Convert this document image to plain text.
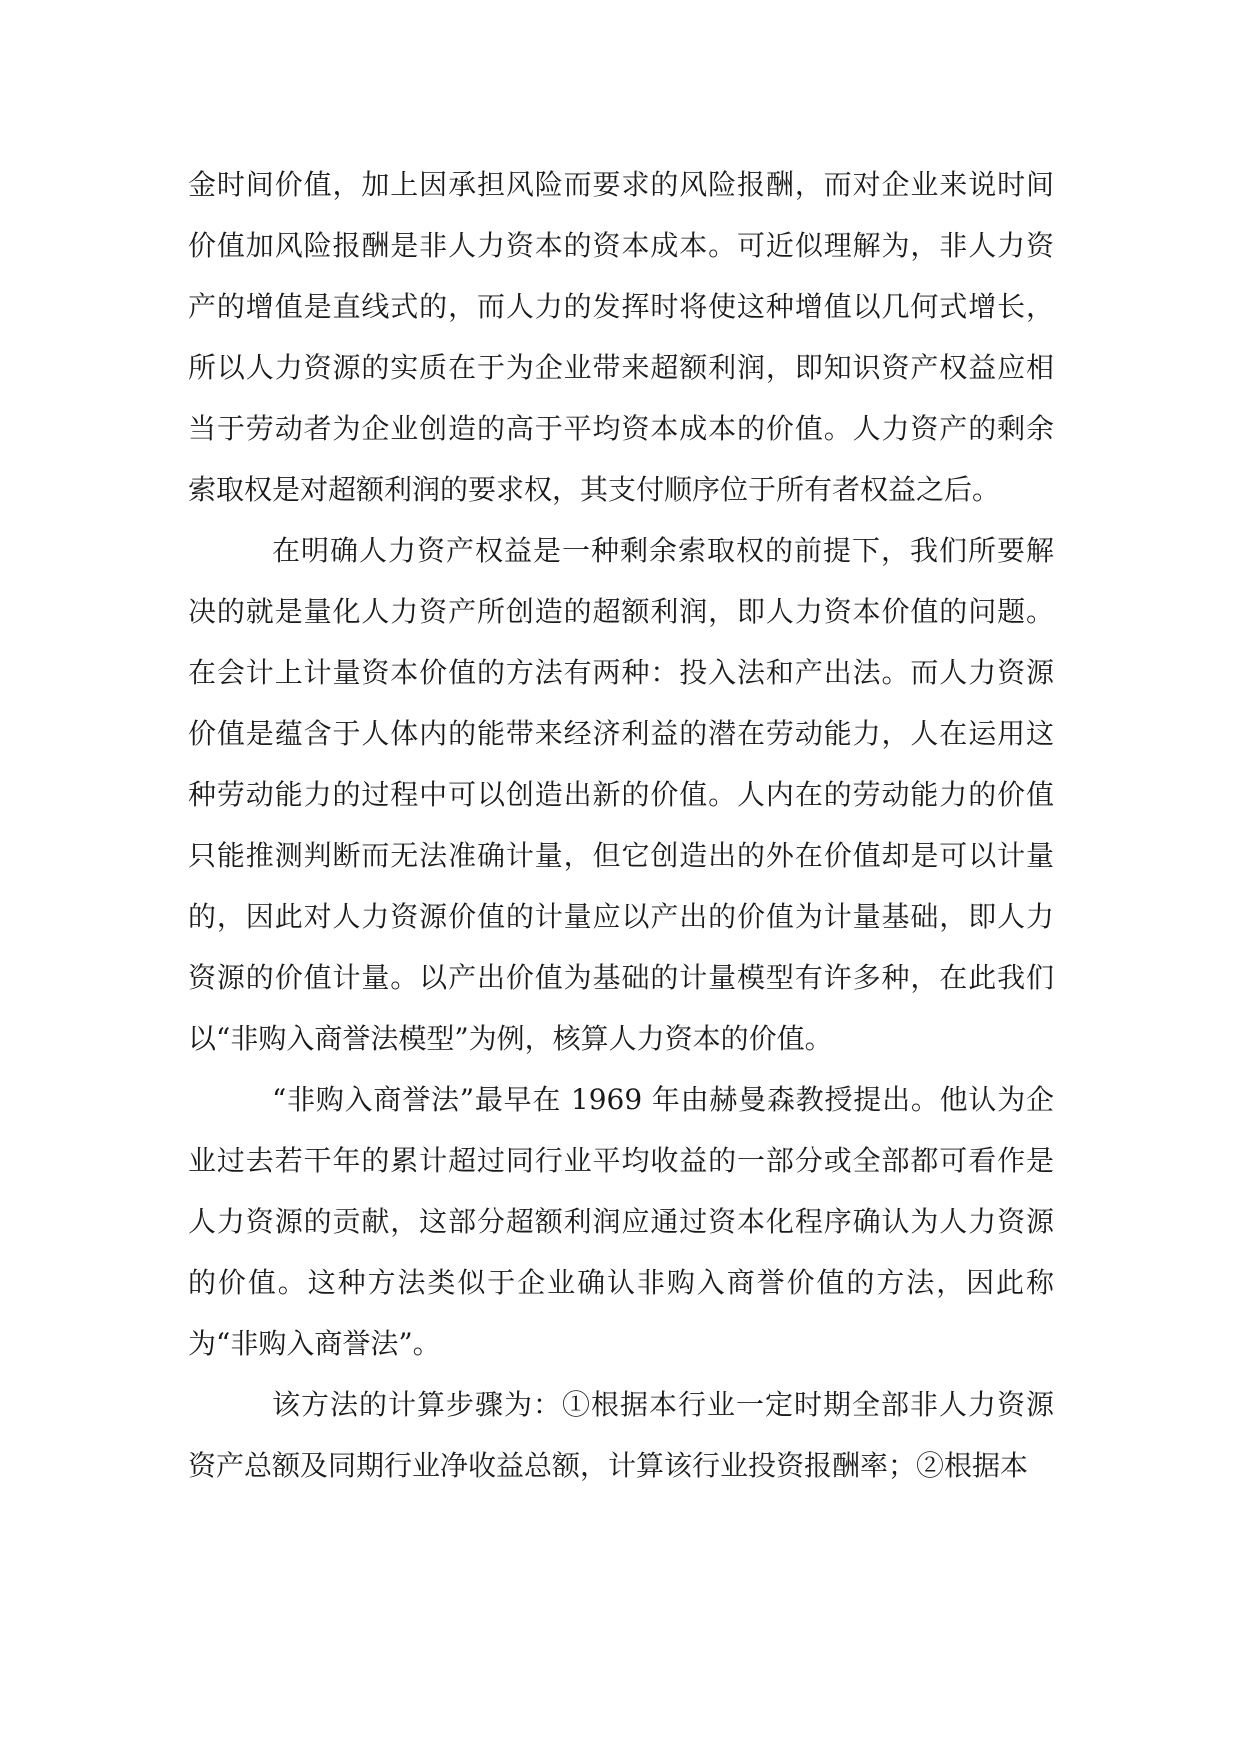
金时间价值，加上因承担风险而要求的风险报酬，而对企业来说时间价值加风险报酬是非人力资本的资本成本。可近似理解为，非人力资产的增值是直线式的，而人力的发挥时将使这种增值以几何式增长，所以人力资源的实质在于为企业带来超额利润，即知识资产权益应相当于劳动者为企业创造的高于平均资本成本的价值。人力资产的剩余索取权是对超额利润的要求权，其支付顺序位于所有者权益之后。

在明确人力资产权益是一种剩余索取权的前提下，我们所要解决的就是量化人力资产所创造的超额利润，即人力资本价值的问题。在会计上计量资本价值的方法有两种：投入法和产出法。而人力资源价值是蕴含于人体内的能带来经济利益的潜在劳动能力，人在运用这种劳动能力的过程中可以创造出新的价值。人内在的劳动能力的价值只能推测判断而无法准确计量，但它创造出的外在价值却是可以计量的，因此对人力资源价值的计量应以产出的价值为计量基础，即人力资源的价值计量。以产出价值为基础的计量模型有许多种，在此我们以“非购入商誉法模型”为例，核算人力资本的价值。

“非购入商誉法”最早在 1969 年由赫曼森教授提出。他认为企业过去若干年的累计超过同行业平均收益的一部分或全部都可看作是人力资源的贡献，这部分超额利润应通过资本化程序确认为人力资源的价值。这种方法类似于企业确认非购入商誉价值的方法，因此称为“非购入商誉法”。

该方法的计算步骤为：①根据本行业一定时期全部非人力资源资产总额及同期行业净收益总额，计算该行业投资报酬率；②根据本
